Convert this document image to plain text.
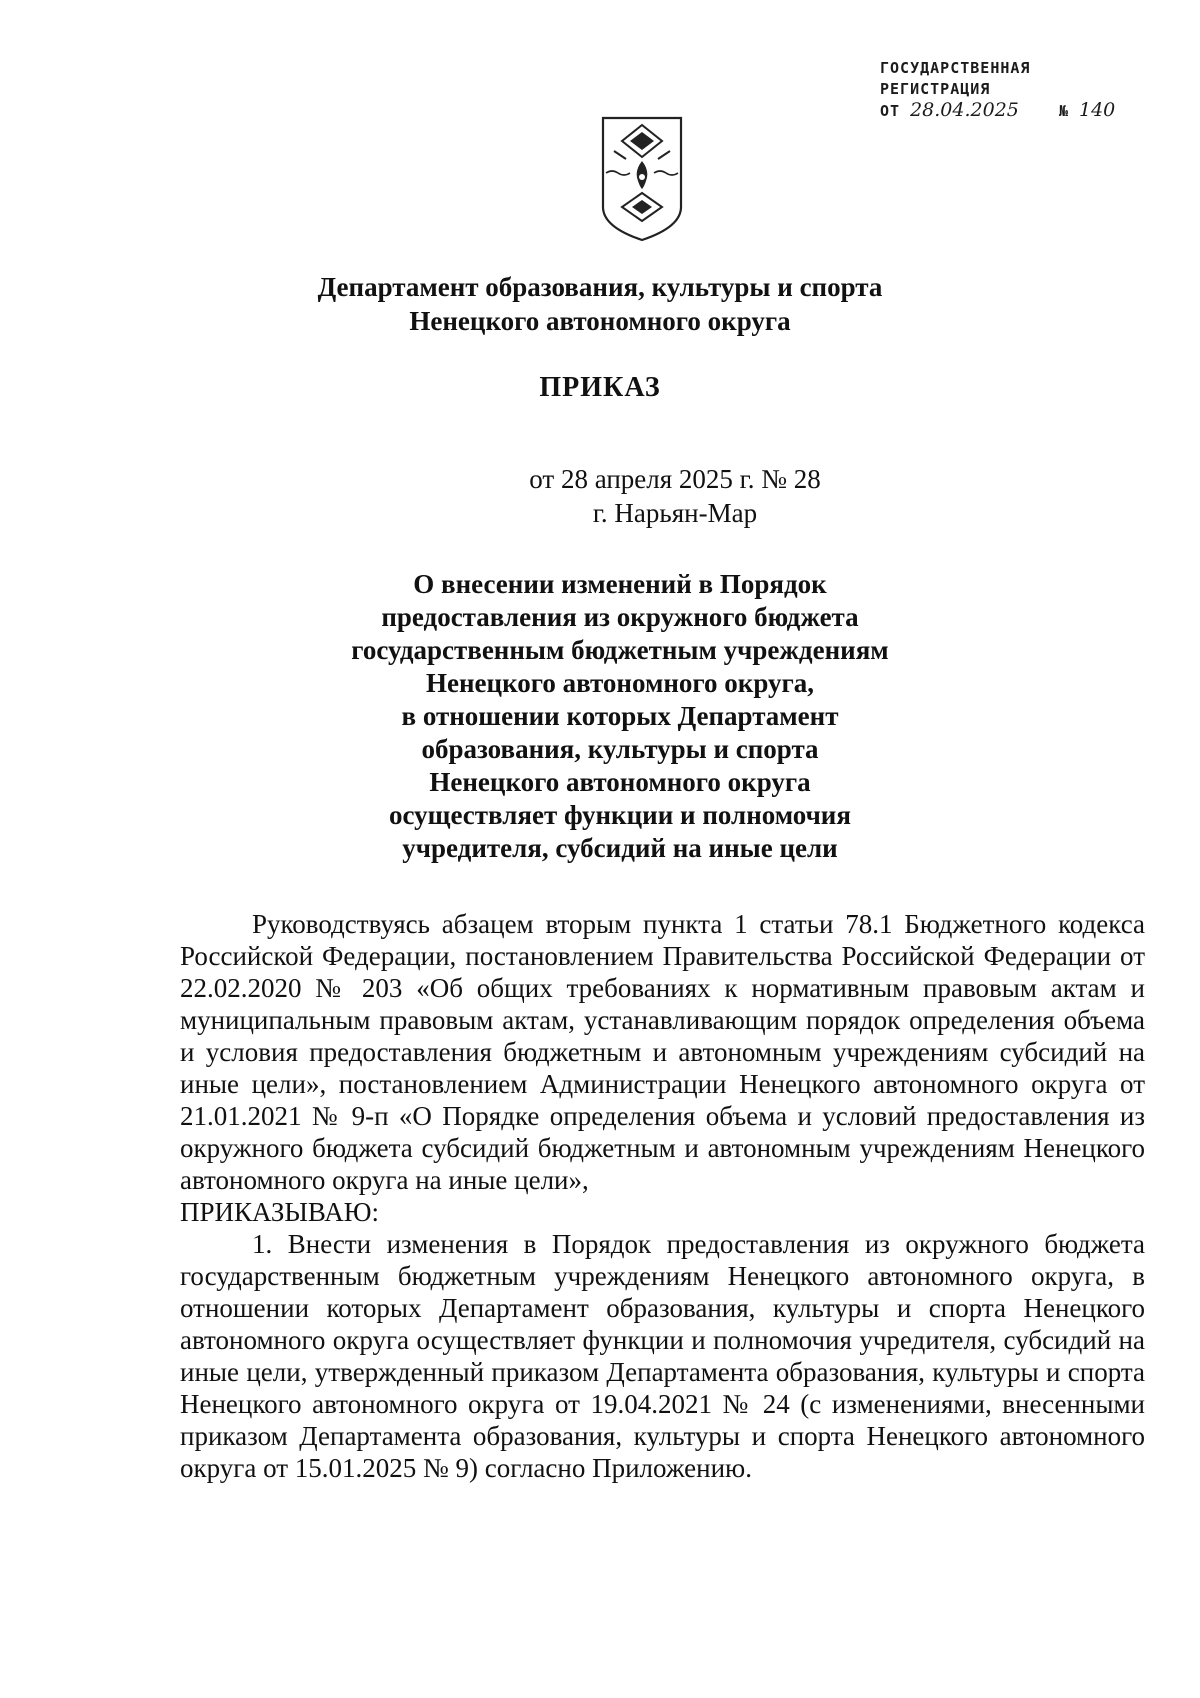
ГОСУДАРСТВЕННАЯ
РЕГИСТРАЦИЯ
ОТ 28.04.2025	№ 140
Департамент образования, культуры и спорта
Ненецкого автономного округа
ПРИКАЗ
от 28 апреля 2025 г. № 28
г. Нарьян-Мар
О внесении изменений в Порядок
предоставления из окружного бюджета
государственным бюджетным учреждениям
Ненецкого автономного округа,
в отношении которых Департамент
образования, культуры и спорта
Ненецкого автономного округа
осуществляет функции и полномочия
учредителя, субсидий на иные цели

Руководствуясь абзацем вторым пункта 1 статьи 78.1 Бюджетного кодекса Российской Федерации, постановлением Правительства Российской Федерации от 22.02.2020 № 203 «Об общих требованиях к нормативным правовым актам и муниципальным правовым актам, устанавливающим порядок определения объема и условия предоставления бюджетным и автономным учреждениям субсидий на иные цели», постановлением Администрации Ненецкого автономного округа от 21.01.2021 № 9-п «О Порядке определения объема и условий предоставления из окружного бюджета субсидий бюджетным и автономным учреждениям Ненецкого автономного округа на иные цели»,
ПРИКАЗЫВАЮ:

1. Внести изменения в Порядок предоставления из окружного бюджета государственным бюджетным учреждениям Ненецкого автономного округа, в отношении которых Департамент образования, культуры и спорта Ненецкого автономного округа осуществляет функции и полномочия учредителя, субсидий на иные цели, утвержденный приказом Департамента образования, культуры и спорта Ненецкого автономного округа от 19.04.2021 № 24 (с изменениями, внесенными приказом Департамента образования, культуры и спорта Ненецкого автономного округа от 15.01.2025 № 9) согласно Приложению.
